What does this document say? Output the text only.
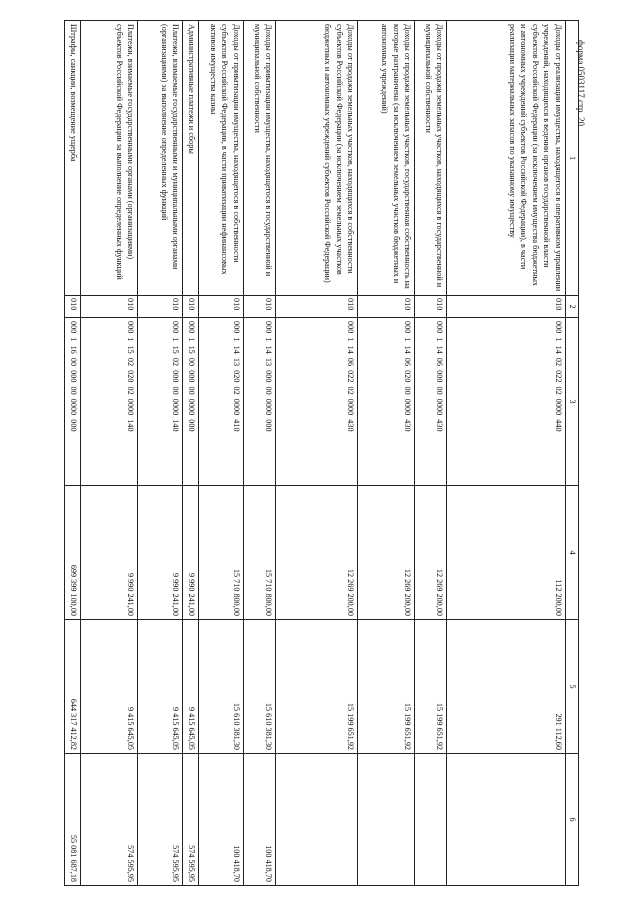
форма 0503117 стр. 20
1	2	3	4	5	6
Доходы от реализации имущества, находящегося в оперативном управлении учреждений, находящихся в ведении органов государственной власти субъектов Российской Федерации (за исключением имущества бюджетных и автономных учреждений субъектов Российской Федерации), в части реализации материальных запасов по указанному имуществу	010	000  1  14  02  022  02  0000  440	112 200,00	291 112,60	
Доходы от продажи земельных участков, находящихся в государственной и муниципальной собственности	010	000  1  14  06  000  00  0000  430	12 269 200,00	15 199 651,92	
Доходы от продажи земельных участков, государственная собственность на которые разграничена (за исключением земельных участков бюджетных и автономных учреждений)	010	000  1  14  06  020  00  0000  430	12 269 200,00	15 199 651,92	
Доходы от продажи земельных участков, находящихся в собственности субъектов Российской Федерации (за исключением земельных участков бюджетных и автономных учреждений субъектов Российской Федерации)	010	000  1  14  06  022  02  0000  430	12 269 200,00	15 199 651,92	
Доходы от приватизации имущества, находящегося в государственной и муниципальной собственности	010	000  1  14  13  000  00  0000  000	15 710 800,00	15 610 381,30	100 418,70
Доходы от приватизации имущества, находящегося в собственности субъектов Российской Федерации, в части приватизации нефинансовых активов имущества казны	010	000  1  14  13  020  02  0000  410	15 710 800,00	15 610 381,30	100 418,70
Административные платежи и сборы	010	000  1  15  00  000  00  0000  000	9 990 241,00	9 415 645,05	574 595,95
Платежи, взимаемые государственными и муниципальными органами (организациями) за выполнение определенных функций	010	000  1  15  02  000  00  0000  140	9 990 241,00	9 415 645,05	574 595,95
Платежи, взимаемые государственными органами (организациями) субъектов Российской Федерации за выполнение определенных функций	010	000  1  15  02  020  02  0000  140	9 990 241,00	9 415 645,05	574 595,95
Штрафы, санкции, возмещение ущерба	010	000  1  16  00  000  00  0000  000	699 399 100,00	644 317 412,82	55 081 687,18
